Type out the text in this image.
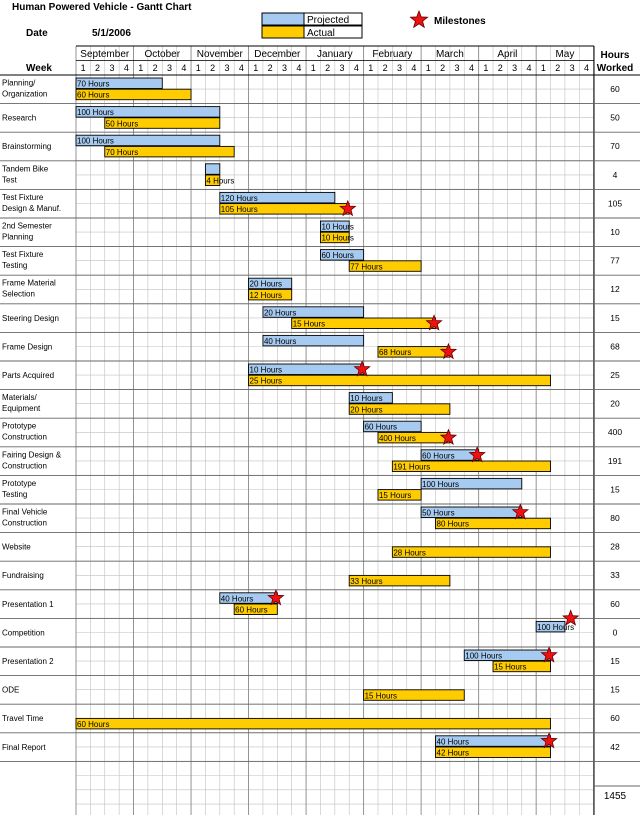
Human Powered Vehicle - Gantt Chart
Date	5/1/2006
Projected
Actual
Milestones
Week
Hours
Worked
1455
September
1 2 3 4
October
1 2 3 4
November
1 2 3 4
December
1 2 3 4
January
1 2 3 4
February
1 2 3 4
March
1 2 3 4
April
1 2 3 4
May
1 2 3 4
Planning/
Organization	60
70 Hours
60 Hours
Research	50
100 Hours
50 Hours
Brainstorming	70
100 Hours
70 Hours
Tandem Bike
Test	4
4 Hours
Test Fixture
Design & Manuf.	105
120 Hours
105 Hours
2nd Semester
Planning	10
10 Hours
10 Hours
Test Fixture
Testing	77
60 Hours
77 Hours
Frame Material
Selection	12
20 Hours
12 Hours
Steering Design	15
20 Hours
15 Hours
Frame Design	68
40 Hours
68 Hours
Parts Acquired	25
10 Hours
25 Hours
Materials/
Equipment	20
10 Hours
20 Hours
Prototype
Construction	400
60 Hours
400 Hours
Fairing Design &
Construction	191
60 Hours
191 Hours
Prototype
Testing	15
100 Hours
15 Hours
Final Vehicle
Construction	80
50 Hours
80 Hours
Website	28
28 Hours
Fundraising	33
33 Hours
Presentation 1	60
40 Hours
60 Hours
Competition	0
100 Hours
Presentation 2	15
100 Hours
15 Hours
ODE	15
15 Hours
Travel Time	60
60 Hours
Final Report	42
40 Hours
42 Hours
